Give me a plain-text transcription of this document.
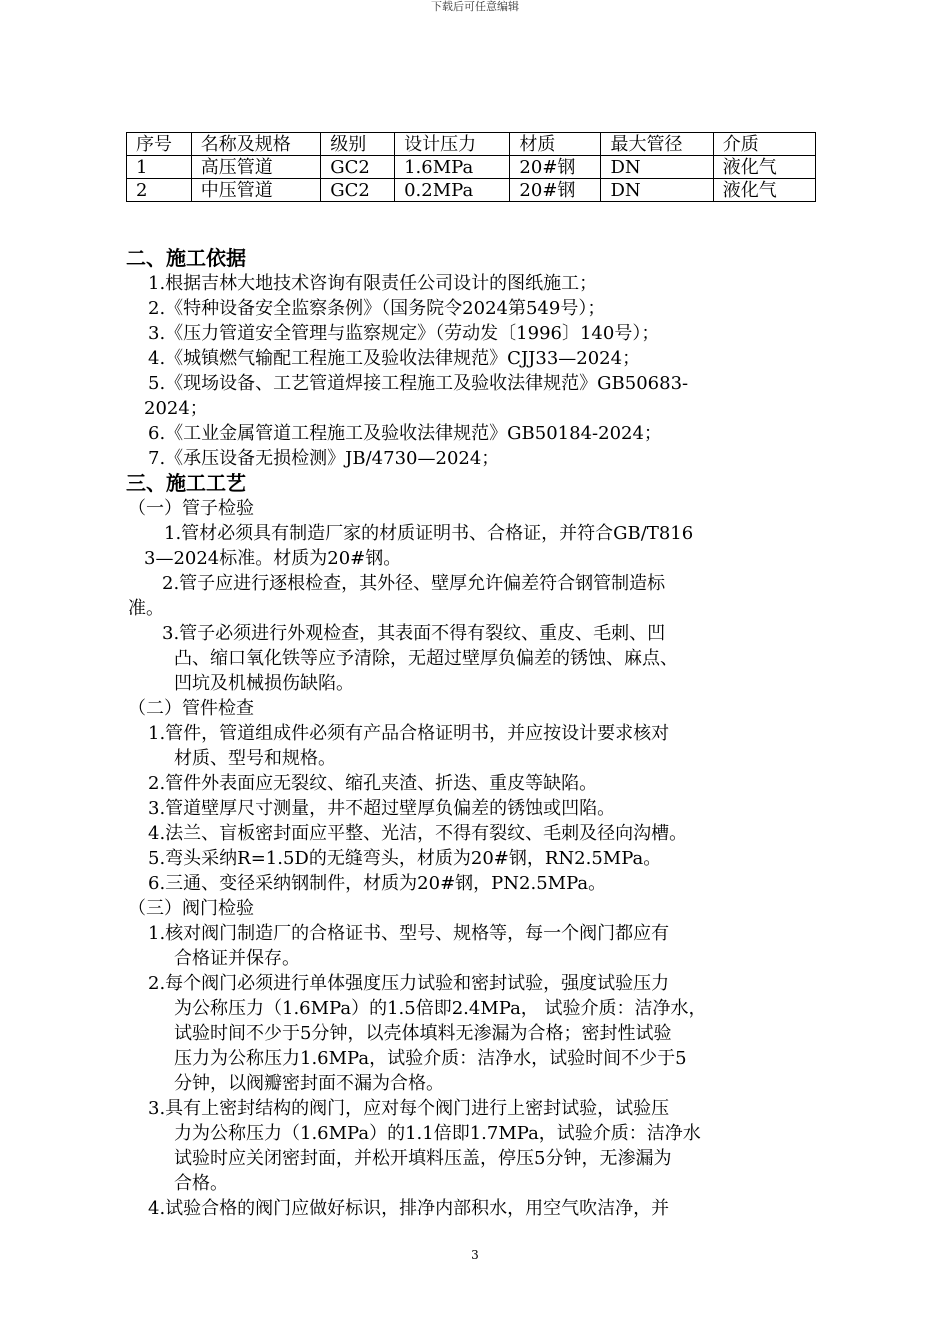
下载后可任意编辑
序号	名称及规格	级别	设计压力	材质	最大管径	介质
1	高压管道	GC2	1.6MPa	20#钢	DN	液化气
2	中压管道	GC2	0.2MPa	20#钢	DN	液化气
二、施工依据
1.根据吉林大地技术咨询有限责任公司设计的图纸施工；
2.《特种设备安全监察条例》（国务院令2024第549号）；
3.《压力管道安全管理与监察规定》（劳动发〔1996〕140号）；
4.《城镇燃气输配工程施工及验收法律规范》CJJ33—2024；
5.《现场设备、工艺管道焊接工程施工及验收法律规范》GB50683-
2024；
6.《工业金属管道工程施工及验收法律规范》GB50184-2024；
7.《承压设备无损检测》JB/4730—2024；
三、施工工艺
（一）管子检验
1.管材必须具有制造厂家的材质证明书、合格证，并符合GB/T816
3—2024标准。材质为20#钢。
2.管子应进行逐根检查，其外径、壁厚允许偏差符合钢管制造标
准。
3.管子必须进行外观检查，其表面不得有裂纹、重皮、毛刺、凹
凸、缩口氧化铁等应予清除，无超过壁厚负偏差的锈蚀、麻点、
凹坑及机械损伤缺陷。
（二）管件检查
1.管件，管道组成件必须有产品合格证明书，并应按设计要求核对
材质、型号和规格。
2.管件外表面应无裂纹、缩孔夹渣、折迭、重皮等缺陷。
3.管道壁厚尺寸测量，井不超过壁厚负偏差的锈蚀或凹陷。
4.法兰、盲板密封面应平整、光洁，不得有裂纹、毛刺及径向沟槽。
5.弯头采纳R=1.5D的无缝弯头，材质为20#钢，RN2.5MPa。
6.三通、变径采纳钢制件，材质为20#钢，PN2.5MPa。
（三）阀门检验
1.核对阀门制造厂的合格证书、型号、规格等，每一个阀门都应有
合格证并保存。
2.每个阀门必须进行单体强度压力试验和密封试验，强度试验压力
为公称压力（1.6MPa）的1.5倍即2.4MPa， 试验介质：洁净水，
试验时间不少于5分钟，以壳体填料无渗漏为合格；密封性试验
压力为公称压力1.6MPa，试验介质：洁净水，试验时间不少于5
分钟，以阀瓣密封面不漏为合格。
3.具有上密封结构的阀门，应对每个阀门进行上密封试验，试验压
力为公称压力（1.6MPa）的1.1倍即1.7MPa，试验介质：洁净水
试验时应关闭密封面，并松开填料压盖，停压5分钟，无渗漏为
合格。
4.试验合格的阀门应做好标识，排净内部积水，用空气吹洁净，并
3
